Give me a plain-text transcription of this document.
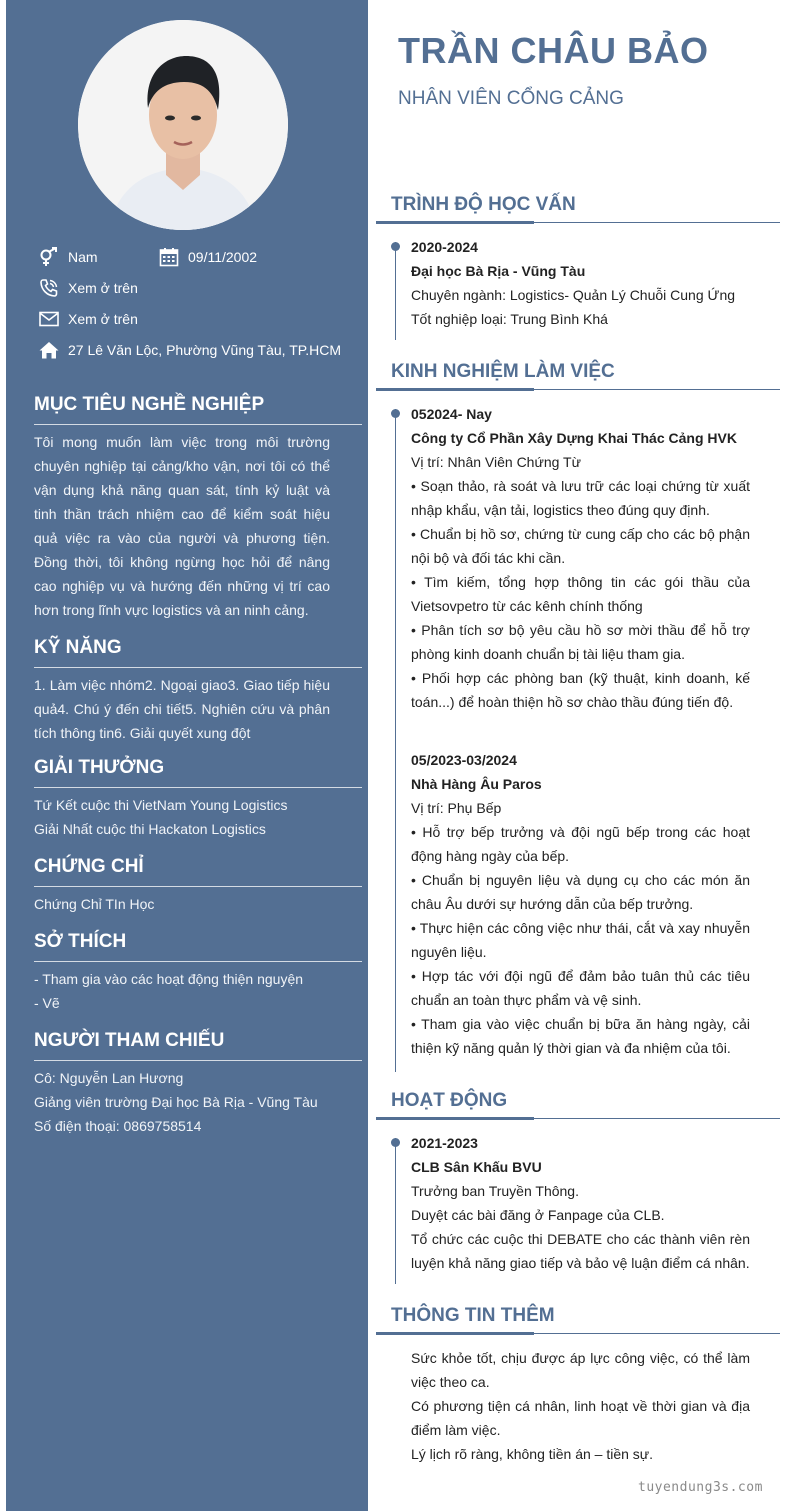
Nam	09/11/2002
Xem ở trên
Xem ở trên
27 Lê Văn Lộc, Phường Vũng Tàu, TP.HCM
MỤC TIÊU NGHỀ NGHIỆP
Tôi mong muốn làm việc trong môi trường chuyên nghiệp tại cảng/kho vận, nơi tôi có thể vận dụng khả năng quan sát, tính kỷ luật và tinh thần trách nhiệm cao để kiểm soát hiệu quả việc ra vào của người và phương tiện. Đồng thời, tôi không ngừng học hỏi để nâng cao nghiệp vụ và hướng đến những vị trí cao hơn trong lĩnh vực logistics và an ninh cảng.
KỸ NĂNG
1. Làm việc nhóm2. Ngoại giao3. Giao tiếp hiệu quả4. Chú ý đến chi tiết5. Nghiên cứu và phân tích thông tin6. Giải quyết xung đột
GIẢI THƯỞNG
Tứ Kết cuộc thi VietNam Young Logistics
Giải Nhất cuộc thi Hackaton Logistics
CHỨNG CHỈ
Chứng Chỉ TIn Học
SỞ THÍCH
- Tham gia vào các hoạt động thiện nguyện
- Vẽ
NGƯỜI THAM CHIẾU
Cô: Nguyễn Lan Hương
Giảng viên trường Đại học Bà Rịa - Vũng Tàu
Số điện thoại: 0869758514
TRẦN CHÂU BẢO
NHÂN VIÊN CỔNG CẢNG
TRÌNH ĐỘ HỌC VẤN
2020-2024
Đại học Bà Rịa - Vũng Tàu
Chuyên ngành: Logistics- Quản Lý Chuỗi Cung Ứng
Tốt nghiệp loại: Trung Bình Khá
KINH NGHIỆM LÀM VIỆC
052024- Nay
Công ty Cổ Phần Xây Dựng Khai Thác Cảng HVK
Vị trí: Nhân Viên Chứng Từ
• Soạn thảo, rà soát và lưu trữ các loại chứng từ xuất nhập khẩu, vận tải, logistics theo đúng quy định.
• Chuẩn bị hồ sơ, chứng từ cung cấp cho các bộ phận nội bộ và đối tác khi cần.
• Tìm kiếm, tổng hợp thông tin các gói thầu của Vietsovpetro từ các kênh chính thống
• Phân tích sơ bộ yêu cầu hồ sơ mời thầu để hỗ trợ phòng kinh doanh chuẩn bị tài liệu tham gia.
• Phối hợp các phòng ban (kỹ thuật, kinh doanh, kế toán...) để hoàn thiện hồ sơ chào thầu đúng tiến độ.
05/2023-03/2024
Nhà Hàng Âu Paros
Vị trí: Phụ Bếp
• Hỗ trợ bếp trưởng và đội ngũ bếp trong các hoạt động hàng ngày của bếp.
• Chuẩn bị nguyên liệu và dụng cụ cho các món ăn châu Âu dưới sự hướng dẫn của bếp trưởng.
• Thực hiện các công việc như thái, cắt và xay nhuyễn nguyên liệu.
• Hợp tác với đội ngũ để đảm bảo tuân thủ các tiêu chuẩn an toàn thực phẩm và vệ sinh.
• Tham gia vào việc chuẩn bị bữa ăn hàng ngày, cải thiện kỹ năng quản lý thời gian và đa nhiệm của tôi.
HOẠT ĐỘNG
2021-2023
CLB Sân Khấu BVU
Trưởng ban Truyền Thông.
Duyệt các bài đăng ở Fanpage của CLB.
Tổ chức các cuộc thi DEBATE cho các thành viên rèn luyện khả năng giao tiếp và bảo vệ luận điểm cá nhân.
THÔNG TIN THÊM
Sức khỏe tốt, chịu được áp lực công việc, có thể làm việc theo ca.
Có phương tiện cá nhân, linh hoạt về thời gian và địa điểm làm việc.
Lý lịch rõ ràng, không tiền án – tiền sự.
tuyendung3s.com
